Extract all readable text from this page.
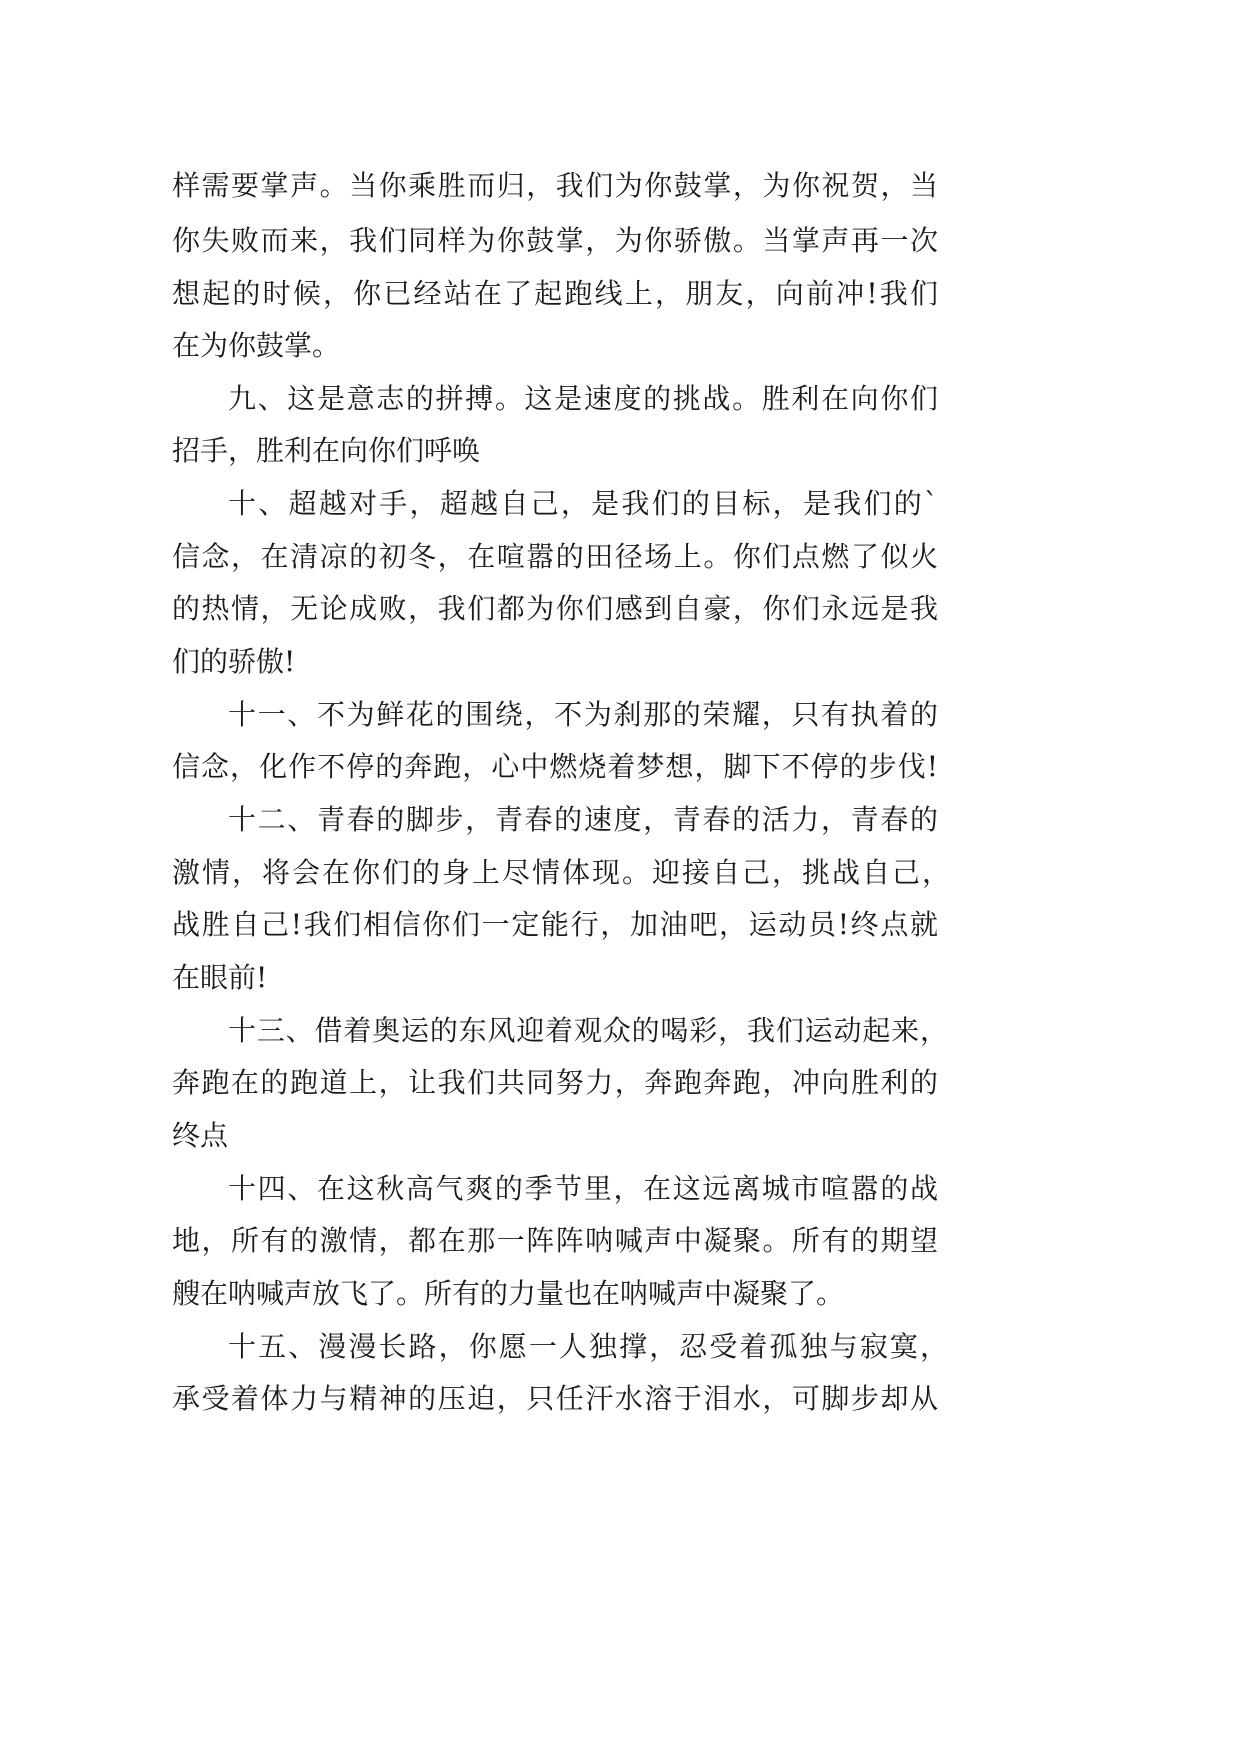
样需要掌声。当你乘胜而归，我们为你鼓掌，为你祝贺，当
你失败而来，我们同样为你鼓掌，为你骄傲。当掌声再一次
想起的时候，你已经站在了起跑线上，朋友，向前冲!我们
在为你鼓掌。
九、这是意志的拼搏。这是速度的挑战。胜利在向你们
招手，胜利在向你们呼唤
十、超越对手，超越自己，是我们的目标，是我们的`
信念，在清凉的初冬，在喧嚣的田径场上。你们点燃了似火
的热情，无论成败，我们都为你们感到自豪，你们永远是我
们的骄傲!
十一、不为鲜花的围绕，不为刹那的荣耀，只有执着的
信念，化作不停的奔跑，心中燃烧着梦想，脚下不停的步伐!
十二、青春的脚步，青春的速度，青春的活力，青春的
激情，将会在你们的身上尽情体现。迎接自己，挑战自己，
战胜自己!我们相信你们一定能行，加油吧，运动员!终点就
在眼前!
十三、借着奥运的东风迎着观众的喝彩，我们运动起来，
奔跑在的跑道上，让我们共同努力，奔跑奔跑，冲向胜利的
终点
十四、在这秋高气爽的季节里，在这远离城市喧嚣的战
地，所有的激情，都在那一阵阵呐喊声中凝聚。所有的期望
艘在呐喊声放飞了。所有的力量也在呐喊声中凝聚了。
十五、漫漫长路，你愿一人独撑，忍受着孤独与寂寞，
承受着体力与精神的压迫，只任汗水溶于泪水，可脚步却从
